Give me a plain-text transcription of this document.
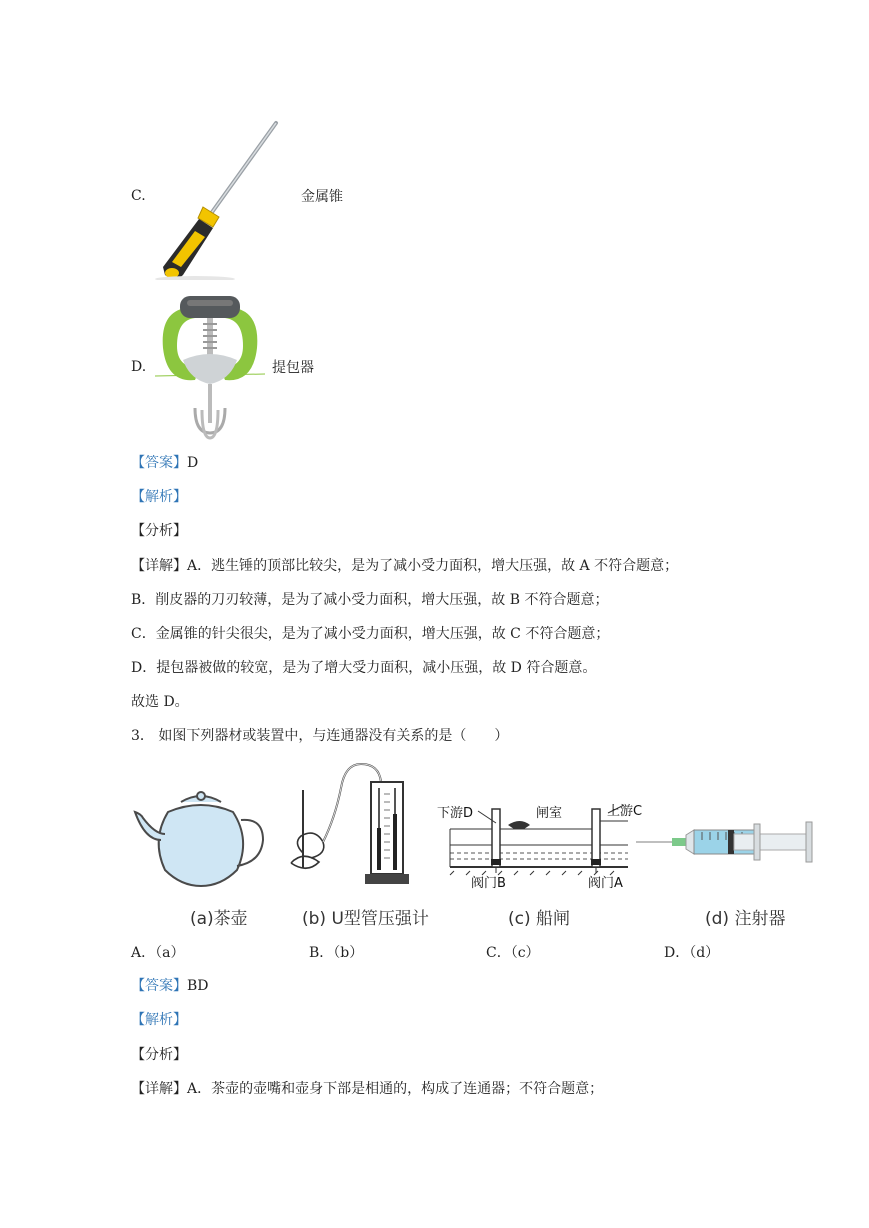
C.	金属锥
D.	提包器
【答案】D
【解析】
【分析】
【详解】A．逃生锤的顶部比较尖，是为了减小受力面积，增大压强，故 A 不符合题意；
B．削皮器的刀刃较薄，是为了减小受力面积，增大压强，故 B 不符合题意；
C．金属锥的针尖很尖，是为了减小受力面积，增大压强，故 C 不符合题意；
D．提包器被做的较宽，是为了增大受力面积，减小压强，故 D 符合题意。
故选 D。
3． 如图下列器材或装置中，与连通器没有关系的是（　　）
(a)茶壶	(b) U型管压强计
下游D	闸室	上游C
阀门B	阀门A
(c) 船闸	(d) 注射器
A．（a）	B．（b）	C．（c）	D．（d）
【答案】BD
【解析】
【分析】
【详解】A．茶壶的壶嘴和壶身下部是相通的，构成了连通器；不符合题意；
